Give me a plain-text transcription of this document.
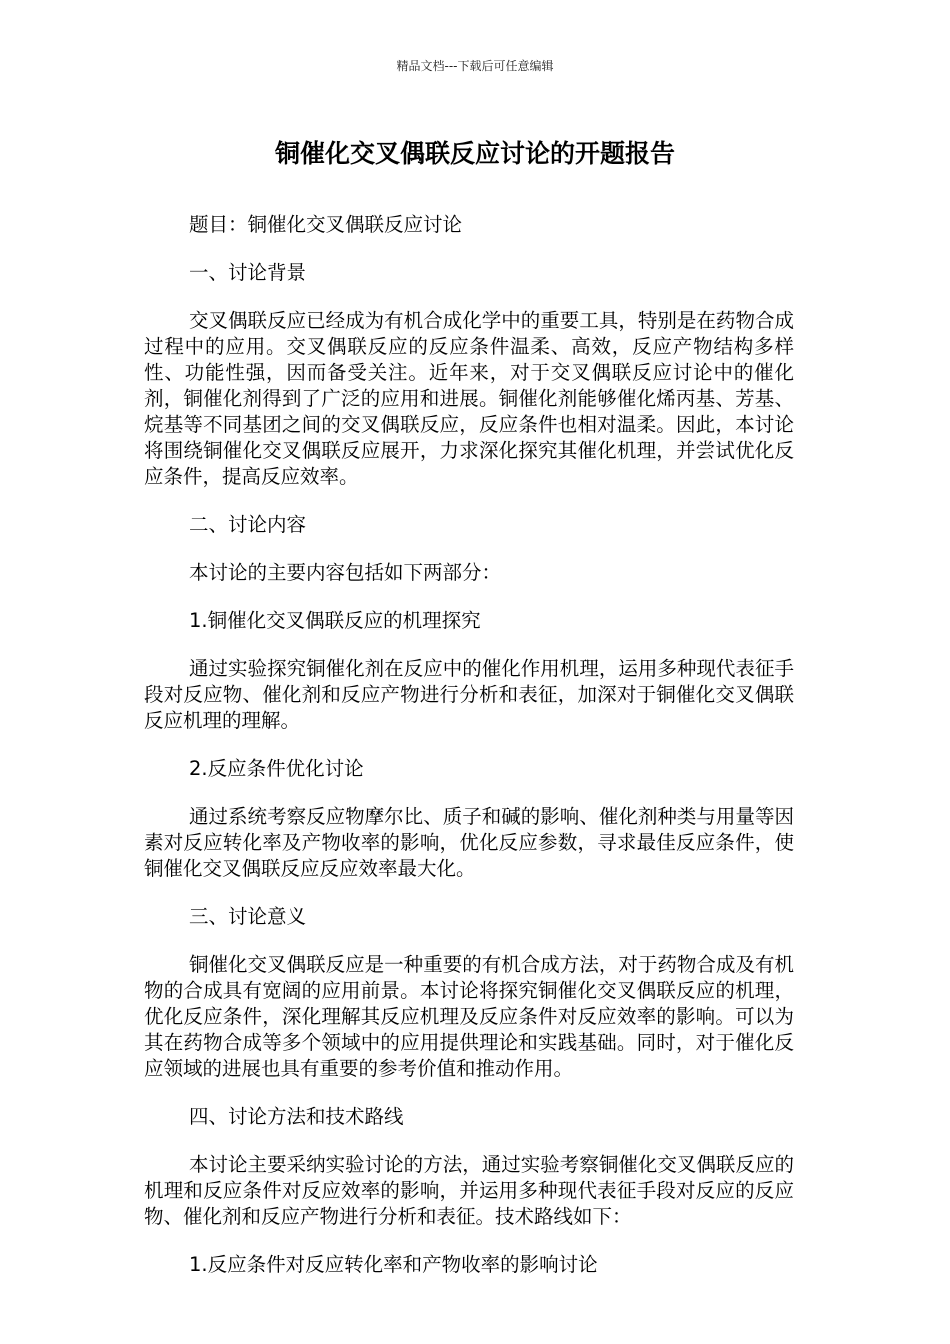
精品文档---下载后可任意编辑
铜催化交叉偶联反应讨论的开题报告

题目：铜催化交叉偶联反应讨论

一、讨论背景

交叉偶联反应已经成为有机合成化学中的重要工具，特别是在药物合成过程中的应用。交叉偶联反应的反应条件温柔、高效，反应产物结构多样性、功能性强，因而备受关注。近年来，对于交叉偶联反应讨论中的催化剂，铜催化剂得到了广泛的应用和进展。铜催化剂能够催化烯丙基、芳基、烷基等不同基团之间的交叉偶联反应，反应条件也相对温柔。因此，本讨论将围绕铜催化交叉偶联反应展开，力求深化探究其催化机理，并尝试优化反应条件，提高反应效率。

二、讨论内容

本讨论的主要内容包括如下两部分：

1.铜催化交叉偶联反应的机理探究

通过实验探究铜催化剂在反应中的催化作用机理，运用多种现代表征手段对反应物、催化剂和反应产物进行分析和表征，加深对于铜催化交叉偶联反应机理的理解。

2.反应条件优化讨论

通过系统考察反应物摩尔比、质子和碱的影响、催化剂种类与用量等因素对反应转化率及产物收率的影响，优化反应参数，寻求最佳反应条件，使铜催化交叉偶联反应反应效率最大化。

三、讨论意义

铜催化交叉偶联反应是一种重要的有机合成方法，对于药物合成及有机物的合成具有宽阔的应用前景。本讨论将探究铜催化交叉偶联反应的机理，优化反应条件，深化理解其反应机理及反应条件对反应效率的影响。可以为其在药物合成等多个领域中的应用提供理论和实践基础。同时，对于催化反应领域的进展也具有重要的参考价值和推动作用。

四、讨论方法和技术路线

本讨论主要采纳实验讨论的方法，通过实验考察铜催化交叉偶联反应的机理和反应条件对反应效率的影响，并运用多种现代表征手段对反应的反应物、催化剂和反应产物进行分析和表征。技术路线如下：

1.反应条件对反应转化率和产物收率的影响讨论
